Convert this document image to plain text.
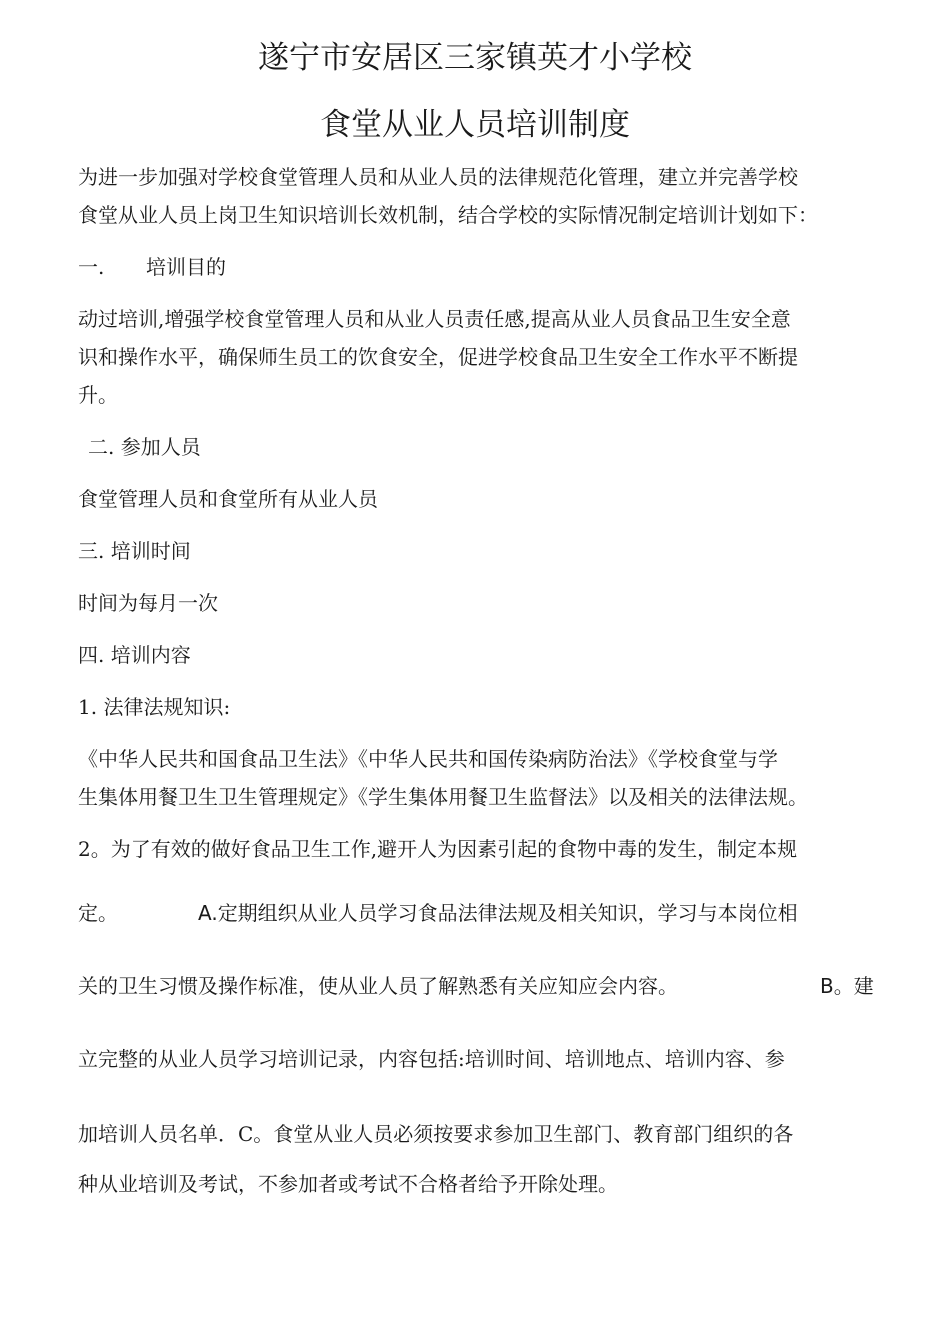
遂宁市安居区三家镇英才小学校
食堂从业人员培训制度
为进一步加强对学校食堂管理人员和从业人员的法律规范化管理，建立并完善学校
食堂从业人员上岗卫生知识培训长效机制，结合学校的实际情况制定培训计划如下：
一. 培训目的
动过培训,增强学校食堂管理人员和从业人员责任感,提高从业人员食品卫生安全意
识和操作水平，确保师生员工的饮食安全，促进学校食品卫生安全工作水平不断提
升。
二. 参加人员
食堂管理人员和食堂所有从业人员
三. 培训时间
时间为每月一次
四. 培训内容
1. 法律法规知识:
《中华人民共和国食品卫生法》《中华人民共和国传染病防治法》《学校食堂与学
生集体用餐卫生卫生管理规定》《学生集体用餐卫生监督法》以及相关的法律法规。
2。为了有效的做好食品卫生工作,避开人为因素引起的食物中毒的发生，制定本规
定。	A.定期组织从业人员学习食品法律法规及相关知识，学习与本岗位相
关的卫生习惯及操作标准，使从业人员了解熟悉有关应知应会内容。	B。建
立完整的从业人员学习培训记录，内容包括:培训时间、培训地点、培训内容、参
加培训人员名单．C。食堂从业人员必须按要求参加卫生部门、教育部门组织的各
种从业培训及考试，不参加者或考试不合格者给予开除处理。
